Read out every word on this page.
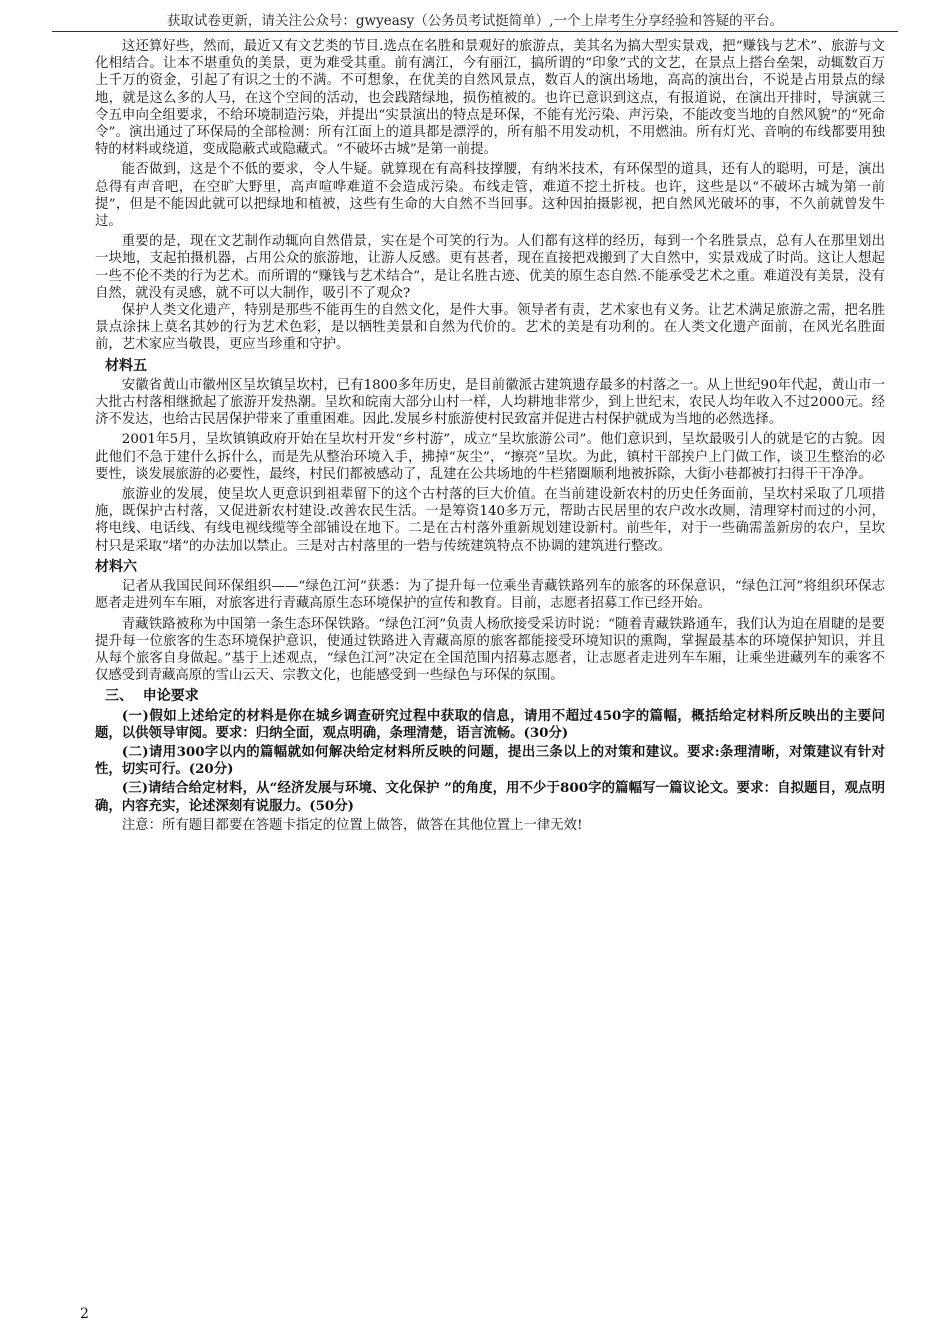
获取试卷更新，请关注公众号：gwyeasy（公务员考试挺简单）,一个上岸考生分享经验和答疑的平台。

这还算好些，然而，最近又有文艺类的节目.选点在名胜和景观好的旅游点，美其名为搞大型实景戏，把“赚钱与艺术”、旅游与文化相结合。让本不堪重负的美景，更为难受其重。前有漓江，今有丽江，搞所谓的“印象”式的文艺，在景点上搭台垒架，动辄数百万上千万的资金，引起了有识之士的不满。不可想象，在优美的自然风景点，数百人的演出场地，高高的演出台，不说是占用景点的绿地，就是这么多的人马，在这个空间的活动，也会践踏绿地，损伤植被的。也许已意识到这点，有报道说，在演出开排时，导演就三令五申向全组要求，不给环境制造污染，并提出“实景演出的特点是环保，不能有光污染、声污染，不能改变当地的自然风貌”的“死命令”。演出通过了环保局的全部检测：所有江面上的道具都是漂浮的，所有船不用发动机，不用燃油。所有灯光、音响的布线都要用独特的材料或绕道，变成隐蔽式或隐藏式。“不破坏古城”是第一前提。

能否做到，这是个不低的要求，令人牛疑。就算现在有高科技撑腰，有纳米技术，有环保型的道具，还有人的聪明，可是，演出总得有声音吧，在空旷大野里，高声喧哗难道不会造成污染。布线走管，难道不挖土折枝。也许，这些是以“不破坏古城为第一前提”，但是不能因此就可以把绿地和植被，这些有生命的大自然不当回事。这种因拍摄影视，把自然风光破坏的事，不久前就曾发牛过。

重要的是，现在文艺制作动辄向自然借景，实在是个可笑的行为。人们都有这样的经历，每到一个名胜景点，总有人在那里划出一块地，支起拍摄机器，占用公众的旅游地，让游人反感。更有甚者，现在直接把戏搬到了大自然中，实景戏成了时尚。这让人想起一些不伦不类的行为艺术。而所谓的“赚钱与艺术结合”，是让名胜古迹、优美的原生态自然.不能承受艺术之重。难道没有美景，没有自然，就没有灵感，就不可以大制作，吸引不了观众?

保护人类文化遗产，特别是那些不能再生的自然文化，是件大事。领导者有责，艺术家也有义务。让艺术满足旅游之需，把名胜景点涂抹上莫名其妙的行为艺术色彩，是以牺牲美景和自然为代价的。艺术的美是有功利的。在人类文化遗产面前，在风光名胜面前，艺术家应当敬畏，更应当珍重和守护。

材料五

安徽省黄山市徽州区呈坎镇呈坎村，已有1800多年历史，是目前徽派古建筑遗存最多的村落之一。从上世纪90年代起，黄山市一大批古村落相继掀起了旅游开发热潮。呈坎和皖南大部分山村一样，人均耕地非常少，到上世纪末，农民人均年收入不过2000元。经济不发达，也给古民居保护带来了重重困难。因此.发展乡村旅游使村民致富并促进古村保护就成为当地的必然选择。

2001年5月，呈坎镇镇政府开始在呈坎村开发“乡村游”，成立“呈坎旅游公司”。他们意识到，呈坎最吸引人的就是它的古貌。因此他们不急于建什么拆什么，而是先从整治环境入手，拂掉“灰尘”，“擦亮”呈坎。为此，镇村干部挨户上门做工作，谈卫生整治的必要性，谈发展旅游的必要性，最终，村民们都被感动了，乱建在公共场地的牛栏猪圈顺利地被拆除，大街小巷都被打扫得干干净净。

旅游业的发展，使呈坎人更意识到祖辈留下的这个古村落的巨大价值。在当前建设新农村的历史任务面前，呈坎村采取了几项措施，既保护古村落，又促进新农村建设.改善农民生活。一是筹资140多万元，帮助古民居里的农户改水改厕，清理穿村而过的小河，将电线、电话线、有线电视线缆等全部铺设在地下。二是在古村落外重新规划建设新村。前些年，对于一些确需盖新房的农户，呈坎村只是采取“堵”的办法加以禁止。三是对古村落里的一砦与传统建筑特点不协调的建筑进行整改。

材料六

记者从我国民间环保组织——“绿色江河”获悉：为了提升每一位乘坐青藏铁路列车的旅客的环保意识，“绿色江河”将组织环保志愿者走进列车车厢，对旅客进行青藏高原生态环境保护的宣传和教育。目前，志愿者招募工作已经开始。

青藏铁路被称为中国第一条生态环保铁路。“绿色江河”负责人杨欣接受采访时说：“随着青藏铁路通车，我们认为迫在眉睫的是要提升每一位旅客的生态环境保护意识，使通过铁路进入青藏高原的旅客都能接受环境知识的熏陶，掌握最基本的环境保护知识，并且从每个旅客自身做起。”基于上述观点，“绿色江河”决定在全国范围内招募志愿者，让志愿者走进列车车厢，让乘坐进藏列车的乘客不仅感受到青藏高原的雪山云天、宗教文化，也能感受到一些绿色与环保的氛围。

三、  申论要求

(一)假如上述给定的材料是你在城乡调查研究过程中获取的信息，请用不超过450字的篇幅，概括给定材料所反映出的主要问题，以供领导审阅。要求：归纳全面，观点明确，条理清楚，语言流畅。(30分)

(二)请用300字以内的篇幅就如何解决给定材料所反映的问题，提出三条以上的对策和建议。要求:条理清晰，对策建议有针对性，切实可行。(20分)

(三)请结合给定材料，从“经济发展与环境、文化保护 ”的角度，用不少于800字的篇幅写一篇议论文。要求：自拟题目，观点明确，内容充实，论述深刻有说服力。(50分)

注意：所有题目都要在答题卡指定的位置上做答，做答在其他位置上一律无效!

2
